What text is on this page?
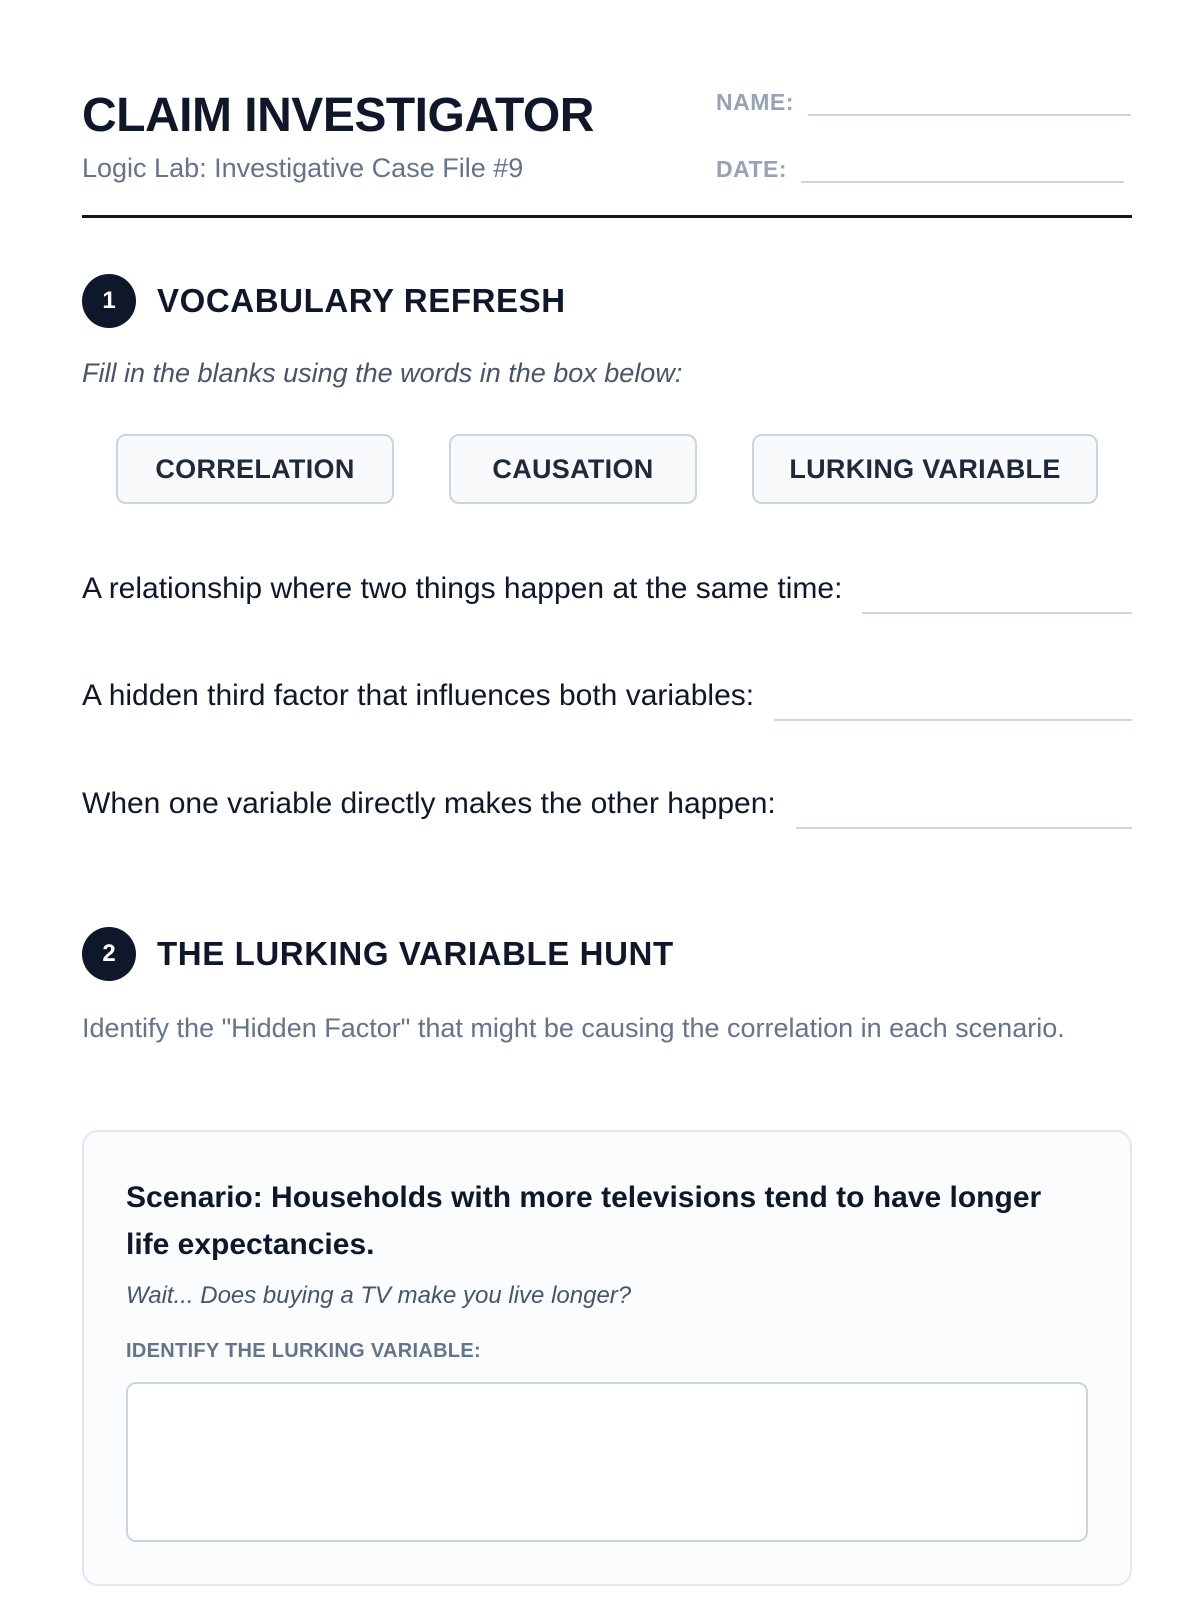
CLAIM INVESTIGATOR
Logic Lab: Investigative Case File #9
NAME:
DATE:
1	VOCABULARY REFRESH
Fill in the blanks using the words in the box below:
CORRELATION	CAUSATION	LURKING VARIABLE
A relationship where two things happen at the same time:
A hidden third factor that influences both variables:
When one variable directly makes the other happen:
2	THE LURKING VARIABLE HUNT
Identify the "Hidden Factor" that might be causing the correlation in each scenario.
Scenario: Households with more televisions tend to have longer life expectancies.
Wait... Does buying a TV make you live longer?
IDENTIFY THE LURKING VARIABLE:
